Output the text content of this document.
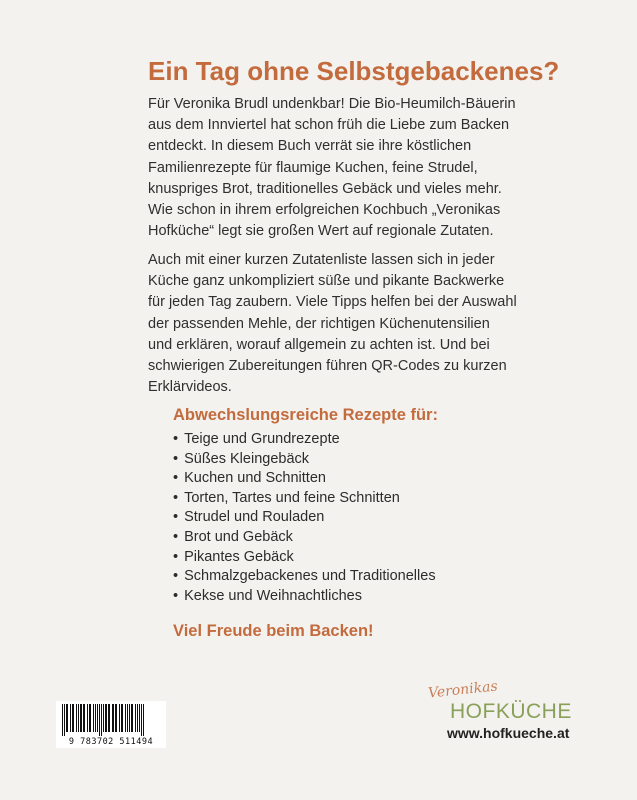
Ein Tag ohne Selbstgebackenes?

Für Veronika Brudl undenkbar! Die Bio-Heumilch-Bäuerin
aus dem Innviertel hat schon früh die Liebe zum Backen
entdeckt. In diesem Buch verrät sie ihre köstlichen
Familienrezepte für flaumige Kuchen, feine Strudel,
knuspriges Brot, traditionelles Gebäck und vieles mehr.
Wie schon in ihrem erfolgreichen Kochbuch „Veronikas
Hofküche“ legt sie großen Wert auf regionale Zutaten.

Auch mit einer kurzen Zutatenliste lassen sich in jeder
Küche ganz unkompliziert süße und pikante Backwerke
für jeden Tag zaubern. Viele Tipps helfen bei der Auswahl
der passenden Mehle, der richtigen Küchenutensilien
und erklären, worauf allgemein zu achten ist. Und bei
schwierigen Zubereitungen führen QR-Codes zu kurzen
Erklärvideos.

Abwechslungsreiche Rezepte für:
• Teige und Grundrezepte
• Süßes Kleingebäck
• Kuchen und Schnitten
• Torten, Tartes und feine Schnitten
• Strudel und Rouladen
• Brot und Gebäck
• Pikantes Gebäck
• Schmalzgebackenes und Traditionelles
• Kekse und Weihnachtliches

Viel Freude beim Backen!

9 783702 511494
Veronikas
HOFKÜCHE
www.hofkueche.at
